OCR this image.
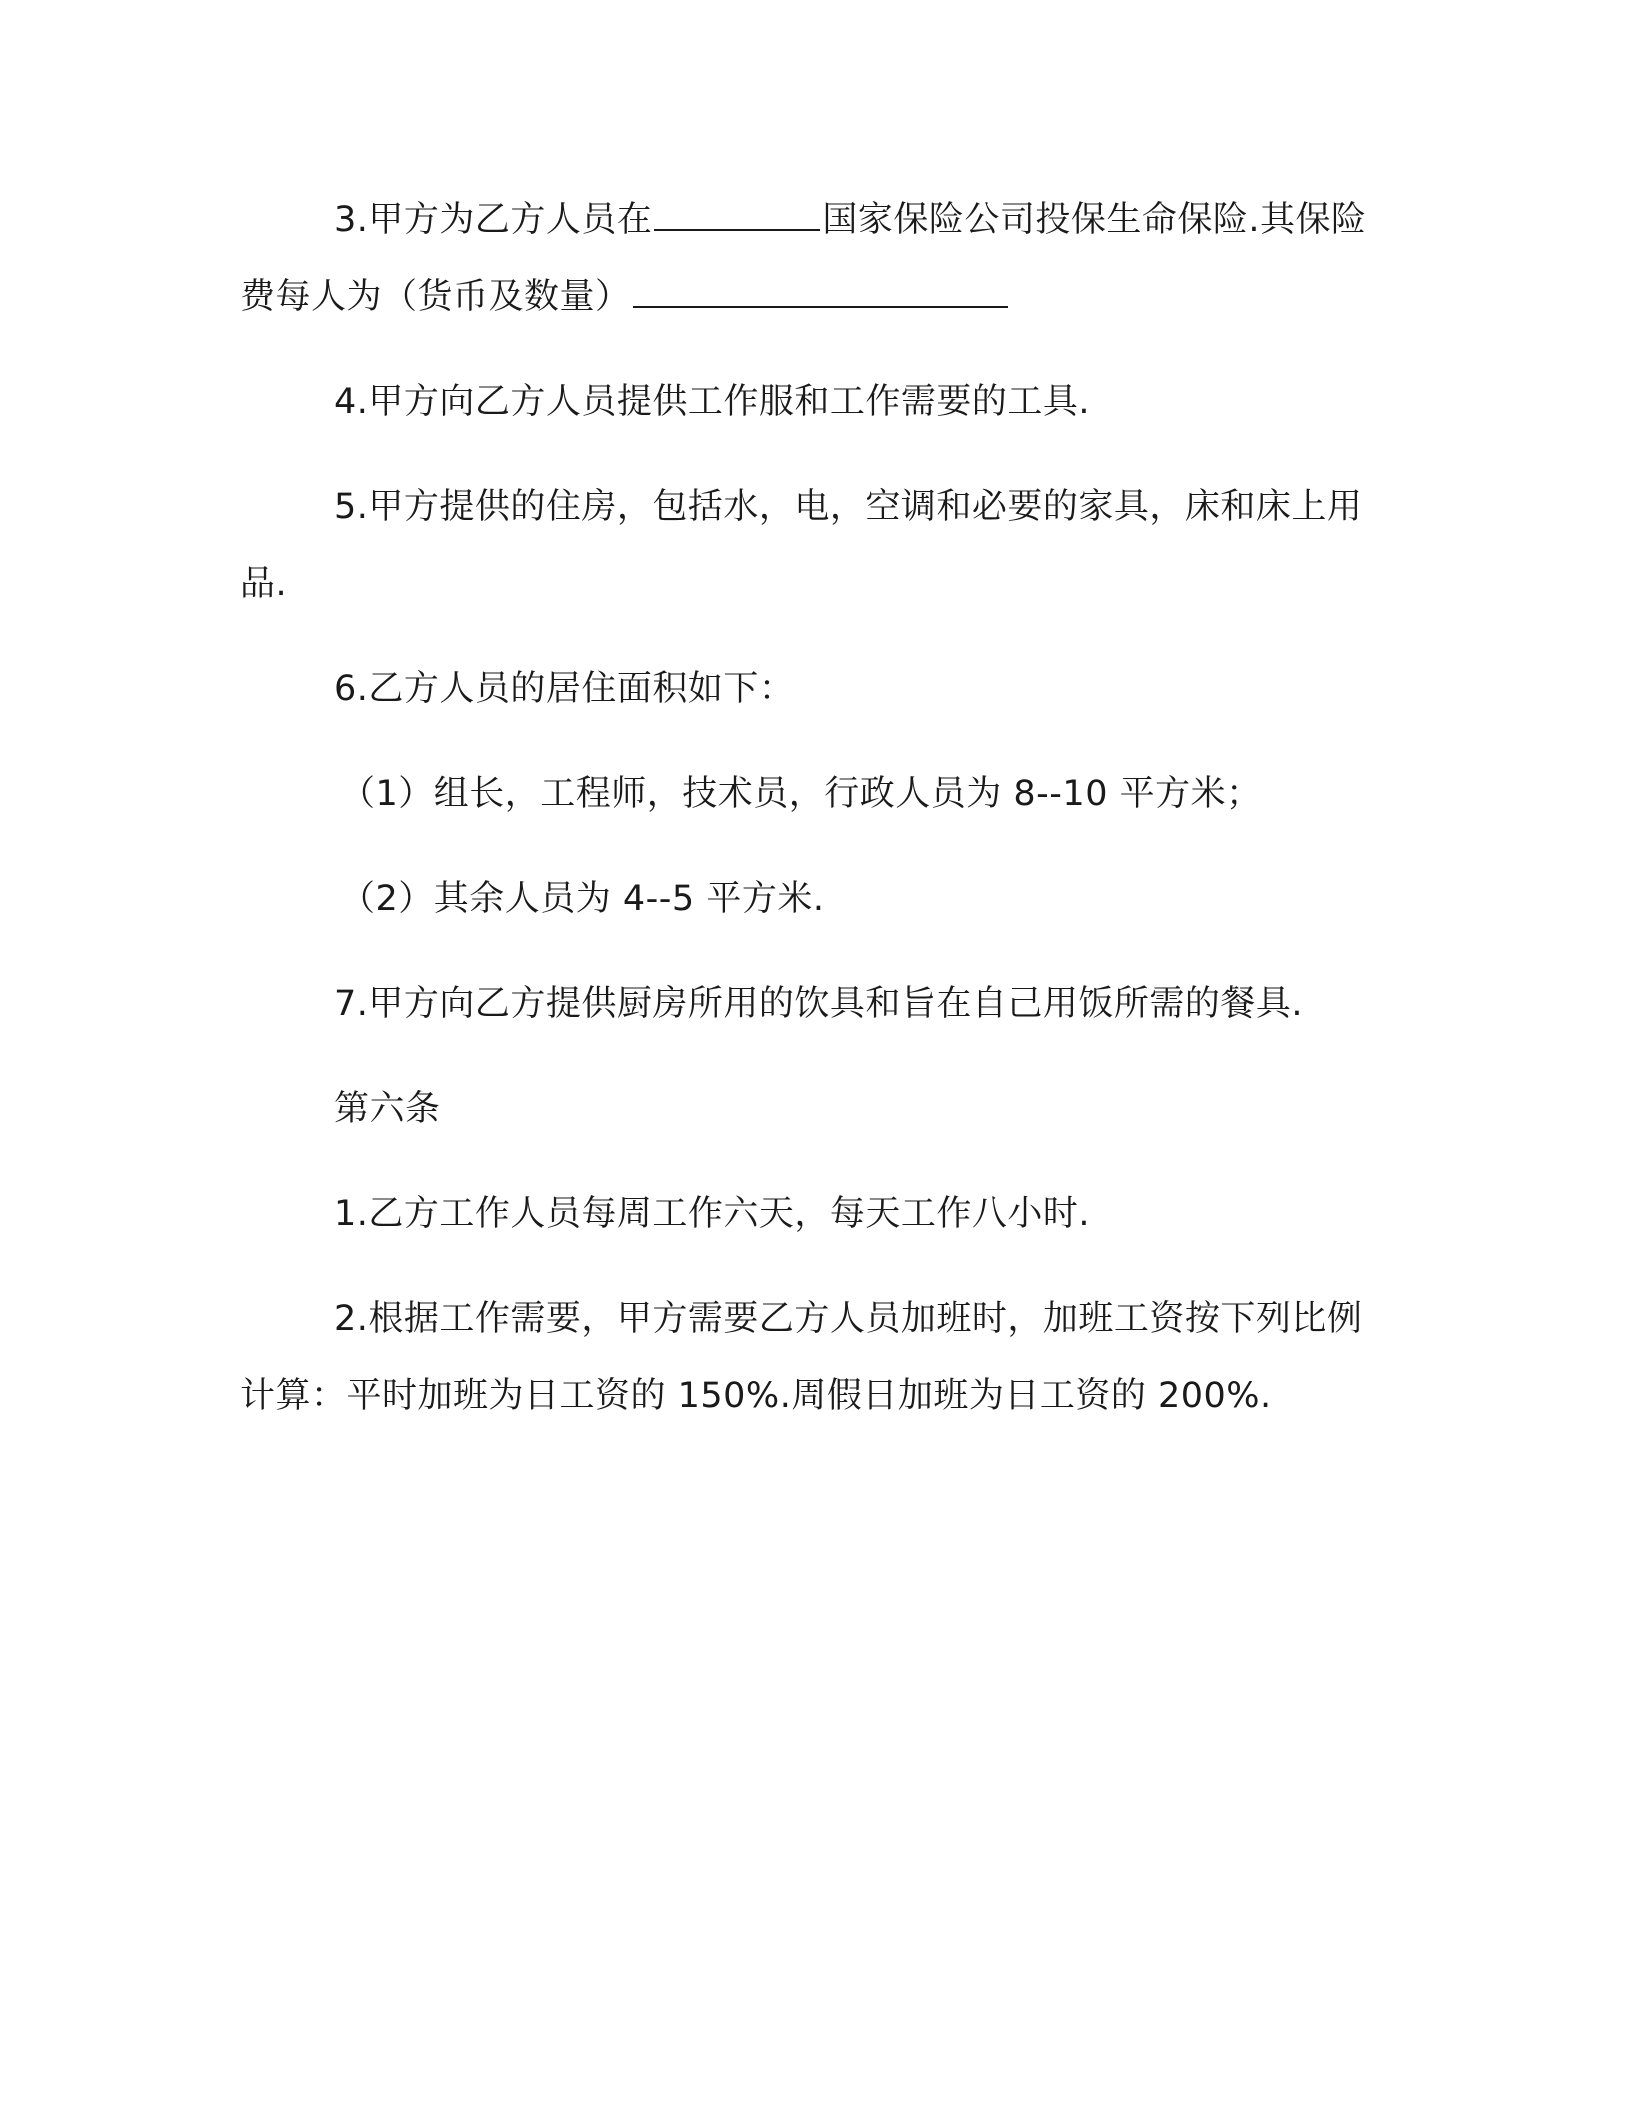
3.甲方为乙方人员在	国家保险公司投保生命保险.其保险费每人为（货币及数量）

4.甲方向乙方人员提供工作服和工作需要的工具.

5.甲方提供的住房，包括水，电，空调和必要的家具，床和床上用品.

6.乙方人员的居住面积如下：

（1）组长，工程师，技术员，行政人员为 8--10 平方米；

（2）其余人员为 4--5 平方米.

7.甲方向乙方提供厨房所用的饮具和旨在自己用饭所需的餐具.

第六条

1.乙方工作人员每周工作六天，每天工作八小时.

2.根据工作需要，甲方需要乙方人员加班时，加班工资按下列比例计算：平时加班为日工资的 150%.周假日加班为日工资的 200%.
